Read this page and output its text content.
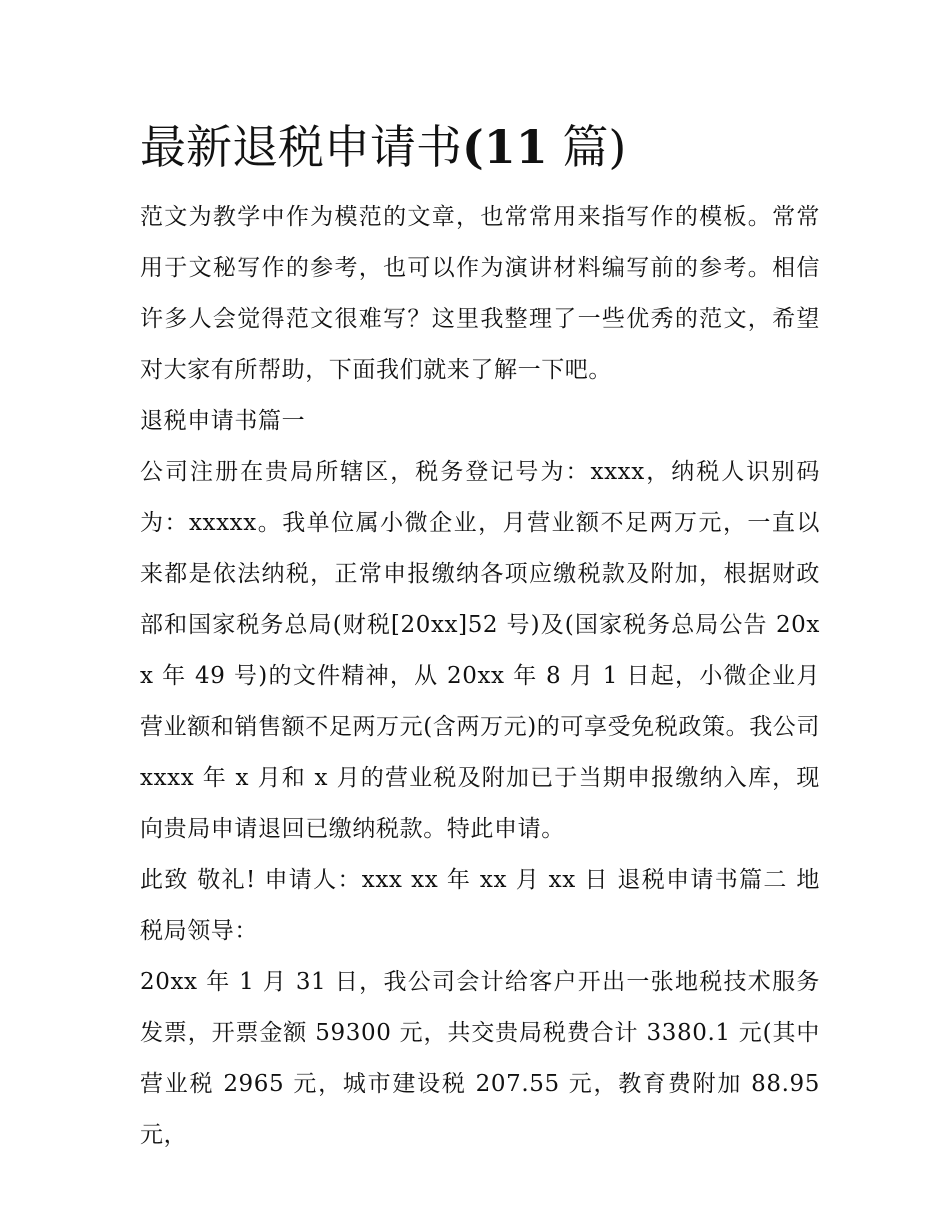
最新退税申请书(11 篇)

范文为教学中作为模范的文章，也常常用来指写作的模板。常常用于文秘写作的参考，也可以作为演讲材料编写前的参考。相信许多人会觉得范文很难写？这里我整理了一些优秀的范文，希望对大家有所帮助，下面我们就来了解一下吧。

退税申请书篇一

公司注册在贵局所辖区，税务登记号为：xxxx，纳税人识别码为：xxxxx。我单位属小微企业，月营业额不足两万元，一直以来都是依法纳税，正常申报缴纳各项应缴税款及附加，根据财政部和国家税务总局(财税[20xx]52 号)及(国家税务总局公告 20xx 年 49 号)的文件精神，从 20xx 年 8 月 1 日起，小微企业月营业额和销售额不足两万元(含两万元)的可享受免税政策。我公司 xxxx 年 x 月和 x 月的营业税及附加已于当期申报缴纳入库，现向贵局申请退回已缴纳税款。特此申请。

此致 敬礼! 申请人：xxx xx 年 xx 月 xx 日 退税申请书篇二 地税局领导：

20xx 年 1 月 31 日，我公司会计给客户开出一张地税技术服务发票，开票金额 59300 元，共交贵局税费合计 3380.1 元(其中营业税 2965 元，城市建设税 207.55 元，教育费附加 88.95 元，
